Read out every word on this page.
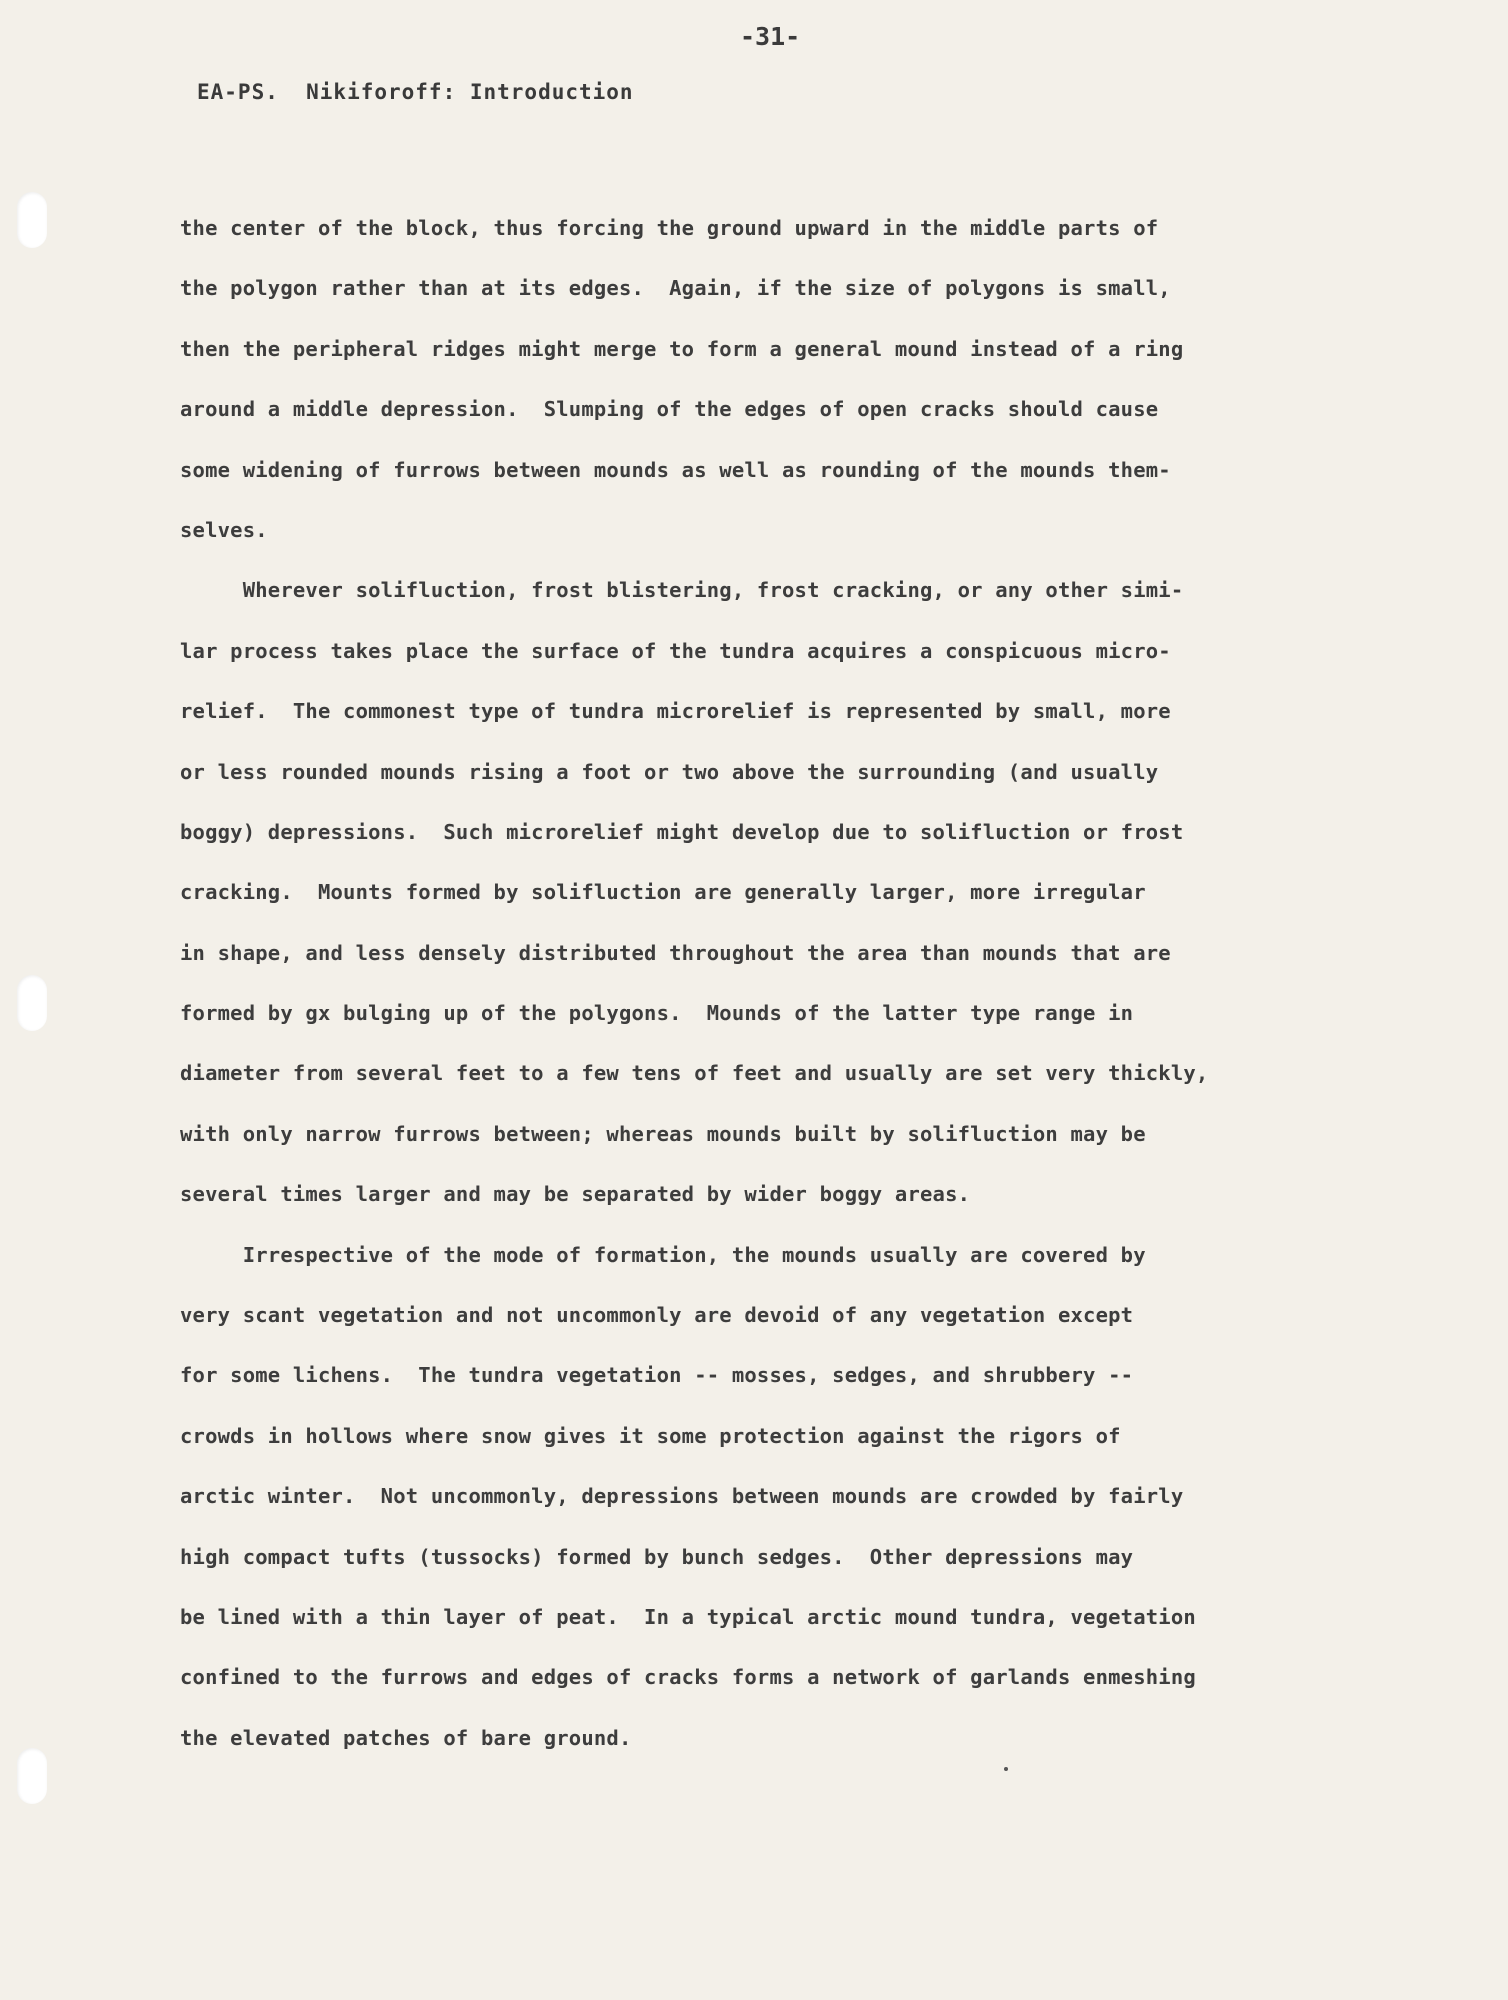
-31-
EA-PS.  Nikiforoff: Introduction
the center of the block, thus forcing the ground upward in the middle parts of
the polygon rather than at its edges.  Again, if the size of polygons is small,
then the peripheral ridges might merge to form a general mound instead of a ring
around a middle depression.  Slumping of the edges of open cracks should cause
some widening of furrows between mounds as well as rounding of the mounds them-
selves.
Wherever solifluction, frost blistering, frost cracking, or any other simi-
lar process takes place the surface of the tundra acquires a conspicuous micro-
relief.  The commonest type of tundra microrelief is represented by small, more
or less rounded mounds rising a foot or two above the surrounding (and usually
boggy) depressions.  Such microrelief might develop due to solifluction or frost
cracking.  Mounts formed by solifluction are generally larger, more irregular
in shape, and less densely distributed throughout the area than mounds that are
formed by gx bulging up of the polygons.  Mounds of the latter type range in
diameter from several feet to a few tens of feet and usually are set very thickly,
with only narrow furrows between; whereas mounds built by solifluction may be
several times larger and may be separated by wider boggy areas.
Irrespective of the mode of formation, the mounds usually are covered by
very scant vegetation and not uncommonly are devoid of any vegetation except
for some lichens.  The tundra vegetation -- mosses, sedges, and shrubbery --
crowds in hollows where snow gives it some protection against the rigors of
arctic winter.  Not uncommonly, depressions between mounds are crowded by fairly
high compact tufts (tussocks) formed by bunch sedges.  Other depressions may
be lined with a thin layer of peat.  In a typical arctic mound tundra, vegetation
confined to the furrows and edges of cracks forms a network of garlands enmeshing
the elevated patches of bare ground.
